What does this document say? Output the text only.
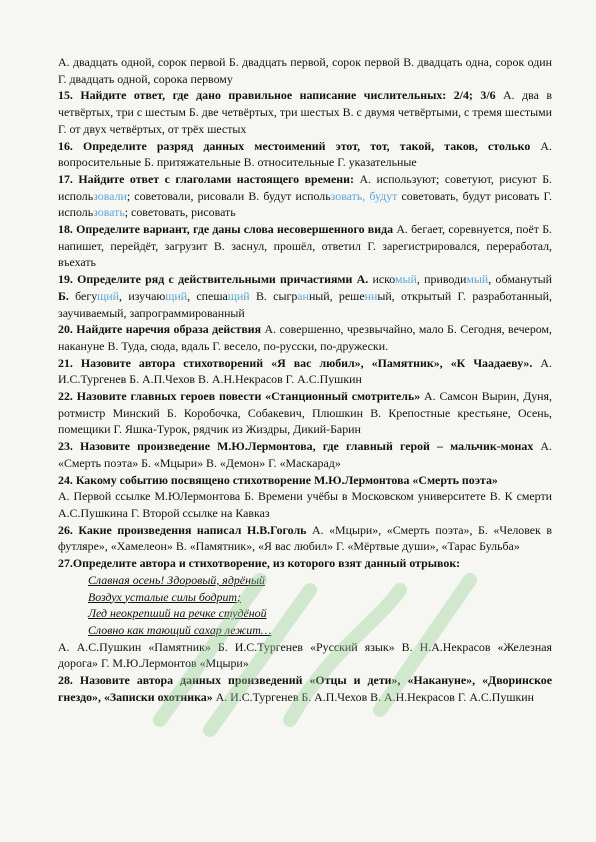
А. двадцать одной, сорок первой Б. двадцать первой, сорок первой В. двадцать одна, сорок один Г. двадцать одной, сорока первому

15. Найдите ответ, где дано правильное написание числительных: 2/4; 3/6 А. два в четвёртых, три с шестым Б. две четвёртых, три шестых В. с двумя четвёртыми, с тремя шестыми Г. от двух четвёртых, от трёх шестых

16. Определите разряд данных местоимений этот, тот, такой, таков, столько А. вопросительные Б. притяжательные В. относительные Г. указательные

17. Найдите ответ с глаголами настоящего времени: А. используют; советуют, рисуют Б. использовали; советовали, рисовали В. будут использовать, будут советовать, будут рисовать Г. использовать; советовать, рисовать

18. Определите вариант, где даны слова несовершенного вида А. бегает, соревнуется, поёт Б. напишет, перейдёт, загрузит В. заснул, прошёл, ответил Г. зарегистрировался, переработал, въехать

19. Определите ряд с действительными причастиями А. искомый, приводимый, обманутый Б. бегущий, изучающий, спешащий В. сыгранный, решенный, открытый Г. разработанный, заучиваемый, запрограммированный

20. Найдите наречия образа действия А. совершенно, чрезвычайно, мало Б. Сегодня, вечером, накануне В. Туда, сюда, вдаль Г. весело, по-русски, по-дружески.

21. Назовите автора стихотворений «Я вас любил», «Памятник», «К Чаадаеву». А. И.С.Тургенев Б. А.П.Чехов В. А.Н.Некрасов Г. А.С.Пушкин

22. Назовите главных героев повести «Станционный смотритель» А. Самсон Вырин, Дуня, ротмистр Минский Б. Коробочка, Собакевич, Плюшкин В. Крепостные крестьяне, Осень, помещики Г. Яшка-Турок, рядчик из Жиздры, Дикий-Барин

23. Назовите произведение М.Ю.Лермонтова, где главный герой – мальчик-монах А. «Смерть поэта» Б. «Мцыри» В. «Демон» Г. «Маскарад»

24. Какому событию посвящено стихотворение М.Ю.Лермонтова «Смерть поэта»

А. Первой ссылке М.ЮЛермонтова Б. Времени учёбы в Московском университете В. К смерти А.С.Пушкина Г. Второй ссылке на Кавказ

26. Какие произведения написал Н.В.Гоголь А. «Мцыри», «Смерть поэта», Б. «Человек в футляре», «Хамелеон» В. «Памятник», «Я вас любил» Г. «Мёртвые души», «Тарас Бульба»

27.Определите автора и стихотворение, из которого взят данный отрывок:

Славная осень! Здоровый, ядрёный
Воздух усталые силы бодрит;
Лед неокрепший на речке студёной
Словно как тающий сахар лежит…

А. А.С.Пушкин «Памятник» Б. И.С.Тургенев «Русский язык» В. Н.А.Некрасов «Железная дорога» Г. М.Ю.Лермонтов «Мцыри»

28. Назовите автора данных произведений «Отцы и дети», «Накануне», «Дворинское гнездо», «Записки охотника» А. И.С.Тургенев Б. А.П.Чехов В. А.Н.Некрасов Г. А.С.Пушкин
